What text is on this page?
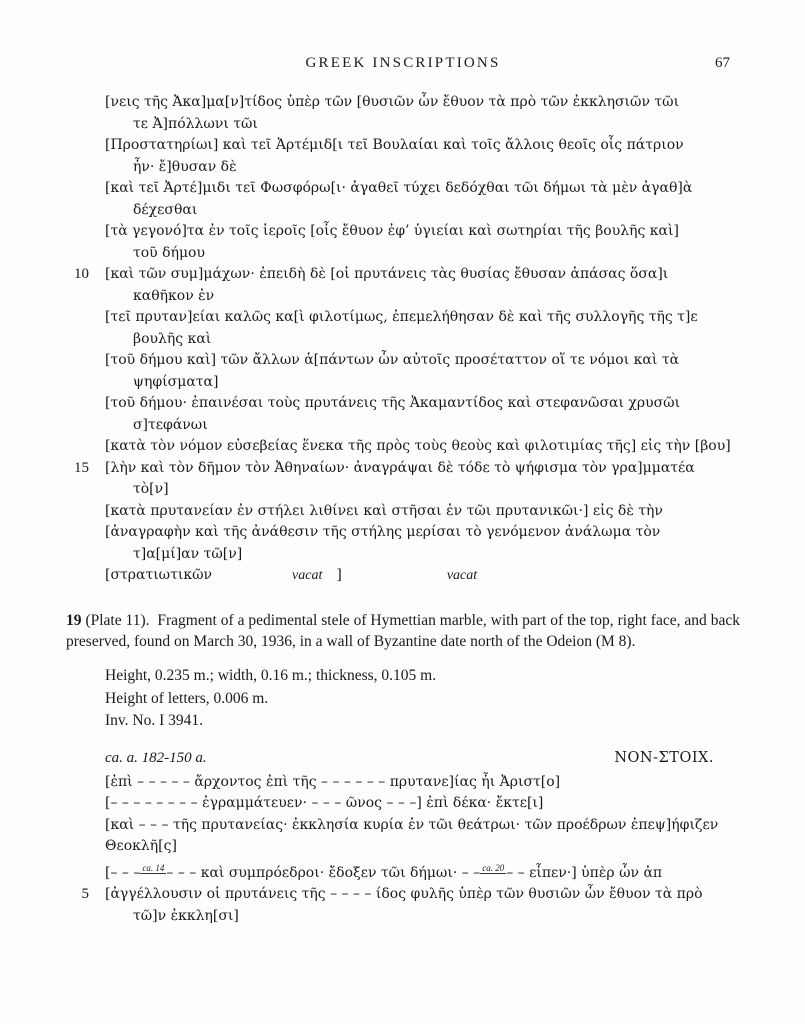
GREEK INSCRIPTIONS	67
[νεις τῆς Ἀκα]μα[ν]τίδος ὑπὲρ τῶν [θυσιῶν ὧν ἔθυον τὰ πρὸ τῶν ἐκκλησιῶν τῶι
τε Ἀ]πόλλωνι τῶι
[Προστατηρίωι] καὶ τεῖ Ἀρτέμιδ[ι τεῖ Βουλαίαι καὶ τοῖς ἄλλοις θεοῖς οἷς πάτριον
ἦν· ἔ]θυσαν δὲ
[καὶ τεῖ Ἀρτέ]μιδι τεῖ Φωσφόρω[ι· ἀγαθεῖ τύχει δεδόχθαι τῶι δήμωι τὰ μὲν ἀγαθ]ὰ
δέχεσθαι
[τὰ γεγονό]τα ἐν τοῖς ἱεροῖς [οἷς ἔθυον ἐφ’ ὑγιείαι καὶ σωτηρίαι τῆς βουλῆς καὶ]
τοῦ δήμου
10	[καὶ τῶν συμ]μάχων· ἐπειδὴ δὲ [οἱ πρυτάνεις τὰς θυσίας ἔθυσαν ἁπάσας ὅσα]ι
καθῆκον ἐν
[τεῖ πρυταν]είαι καλῶς κα[ὶ φιλοτίμως, ἐπεμελήθησαν δὲ καὶ τῆς συλλογῆς τῆς τ]ε
βουλῆς καὶ
[τοῦ δήμου καὶ] τῶν ἄλλων ἁ[πάντων ὧν αὐτοῖς προσέταττον οἵ τε νόμοι καὶ τὰ
ψηφίσματα]
[τοῦ δήμου· ἐπαινέσαι τοὺς πρυτάνεις τῆς Ἀκαμαντίδος καὶ στεφανῶσαι χρυσῶι
σ]τεφάνωι
[κατὰ τὸν νόμον εὐσεβείας ἕνεκα τῆς πρὸς τοὺς θεοὺς καὶ φιλοτιμίας τῆς] εἰς τὴν [βου]
15	[λὴν καὶ τὸν δῆμον τὸν Ἀθηναίων· ἀναγράψαι δὲ τόδε τὸ ψήφισμα τὸν γρα]μματέα
τὸ[ν]
[κατὰ πρυτανείαν ἐν στήλει λιθίνει καὶ στῆσαι ἐν τῶι πρυτανικῶι·] εἰς δὲ τὴν
[ἀναγραφὴν καὶ τῆς ἀνάθεσιν τῆς στήλης μερίσαι τὸ γενόμενον ἀνάλωμα τὸν
τ]α[μί]αν τῶ[ν]
[στρατιωτικῶν	vacat ]	vacat

19 (Plate 11).  Fragment of a pedimental stele of Hymettian marble, with part of the top, right face, and back preserved, found on March 30, 1936, in a wall of Byzantine date north of the Odeion (M 8).

Height, 0.235 m.; width, 0.16 m.; thickness, 0.105 m.
Height of letters, 0.006 m.
Inv. No. I 3941.
ca. a. 182-150 a.	ΝΟΝ-ΣΤΟΙΧ.
[ἐπὶ – – – – – ἄρχοντος ἐπὶ τῆς – – – – – – πρυτανε]ίας ἧι Ἀριστ[ο]
[– – – – – – – – ἐγραμμάτευεν· – – – ῶνος – – –] ἐπὶ δέκα· ἔκτε[ι]
[καὶ – – – τῆς πρυτανείας· ἐκκλησία κυρία ἐν τῶι θεάτρωι· τῶν προέδρων ἐπεψ]ήφιζεν
Θεοκλῆ[ς]
[– – – $^{ca. 14}$ – – – καὶ συμπρόεδροι· ἔδοξεν τῶι δήμωι· – – $^{ca. 20}$ – – εἶπεν·] ὑπὲρ ὧν ἀπ
5	[ἀγγέλλουσιν οἱ πρυτάνεις τῆς – – – – ίδος φυλῆς ὑπὲρ τῶν θυσιῶν ὧν ἔθυον τὰ πρὸ
τῶ]ν ἐκκλη[σι]
